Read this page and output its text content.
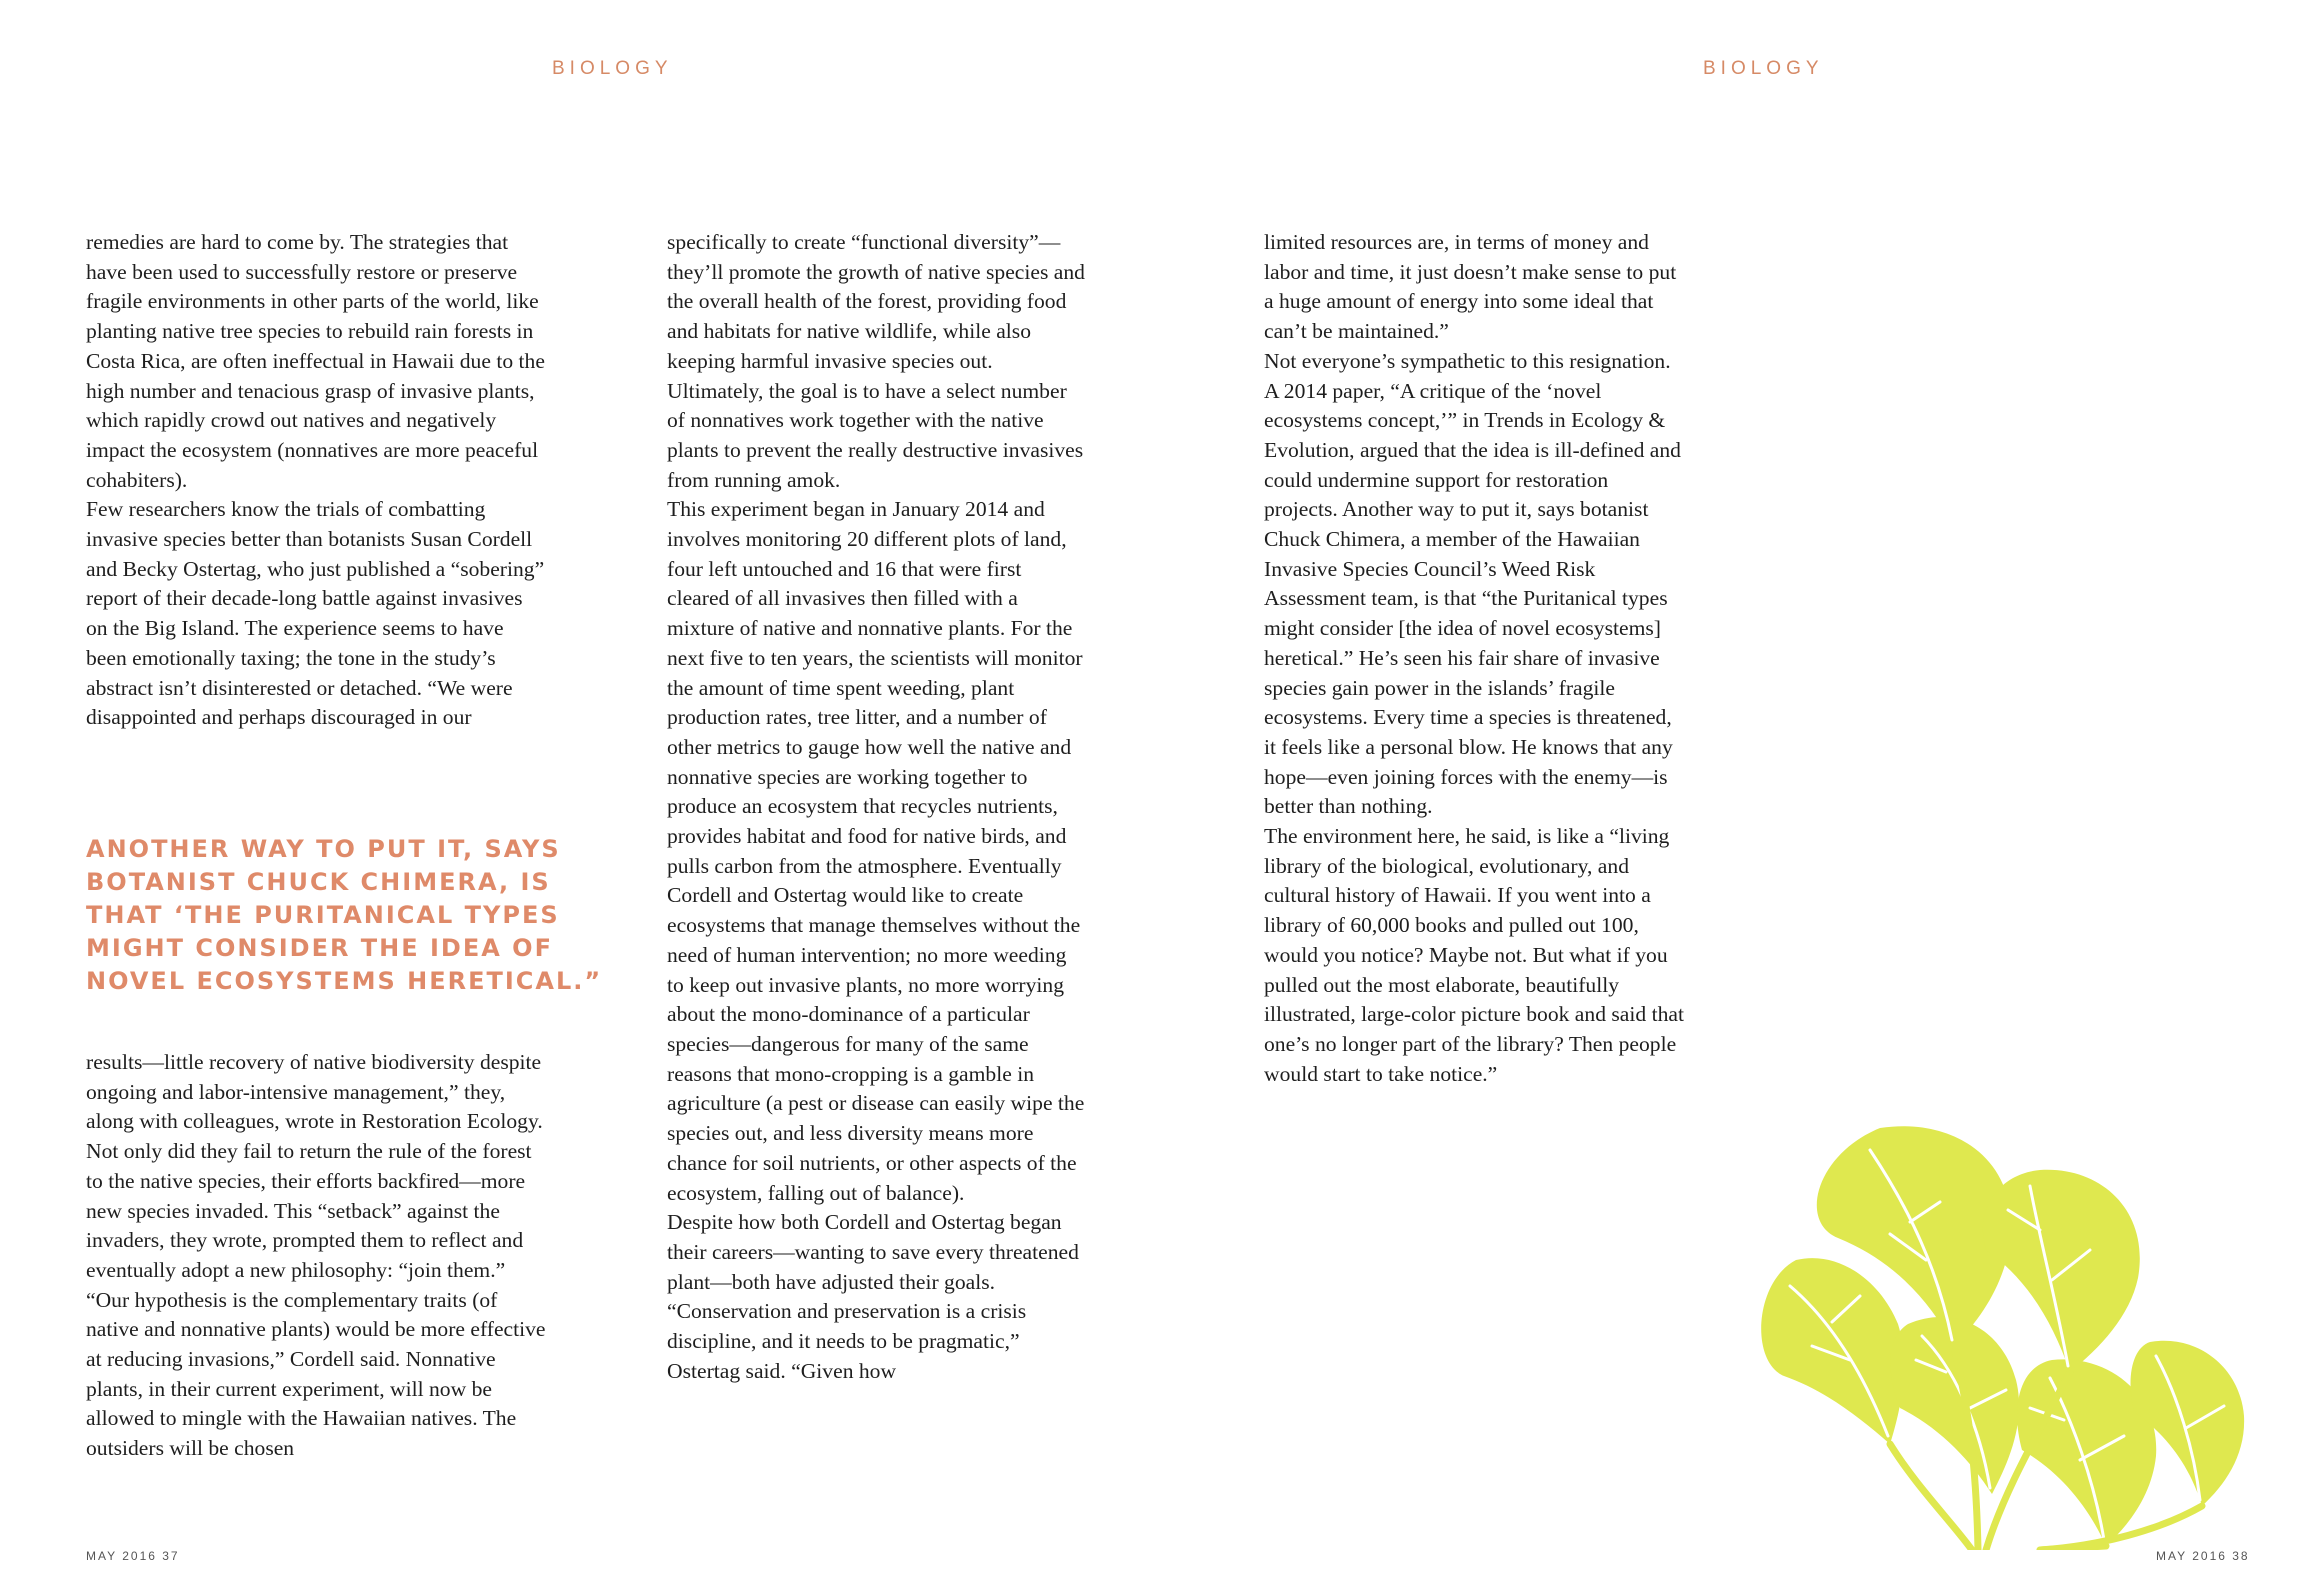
BIOLOGY	BIOLOGY

remedies are hard to come by. The strategies that have been used to successfully restore or preserve fragile environments in other parts of the world, like planting native tree species to rebuild rain forests in Costa Rica, are often ineffectual in Hawaii due to the high number and tenacious grasp of invasive plants, which rapidly crowd out natives and negatively impact the ecosystem (nonnatives are more peaceful cohabiters).

Few researchers know the trials of combatting invasive species better than botanists Susan Cordell and Becky Ostertag, who just published a “sobering” report of their decade-long battle against invasives on the Big Island. The experience seems to have been emotionally taxing; the tone in the study’s abstract isn’t disinterested or detached. “We were disappointed and perhaps discouraged in our

ANOTHER WAY TO PUT IT, SAYS BOTANIST CHUCK CHIMERA, IS THAT ‘THE PURITANICAL TYPES MIGHT CONSIDER THE IDEA OF NOVEL ECOSYSTEMS HERETICAL.”

results—little recovery of native biodiversity despite ongoing and labor-intensive management,” they, along with colleagues, wrote in Restoration Ecology. Not only did they fail to return the rule of the forest to the native species, their efforts backfired—more new species invaded. This “setback” against the invaders, they wrote, prompted them to reflect and eventually adopt a new philosophy: “join them.”

“Our hypothesis is the complementary traits (of native and nonnative plants) would be more effective at reducing invasions,” Cordell said. Nonnative plants, in their current experiment, will now be allowed to mingle with the Hawaiian natives. The outsiders will be chosen

specifically to create “functional diversity”—they’ll promote the growth of native species and the overall health of the forest, providing food and habitats for native wildlife, while also keeping harmful invasive species out. Ultimately, the goal is to have a select number of nonnatives work together with the native plants to prevent the really destructive invasives from running amok.

This experiment began in January 2014 and involves monitoring 20 different plots of land, four left untouched and 16 that were first cleared of all invasives then filled with a mixture of native and nonnative plants. For the next five to ten years, the scientists will monitor the amount of time spent weeding, plant production rates, tree litter, and a number of other metrics to gauge how well the native and nonnative species are working together to produce an ecosystem that recycles nutrients, provides habitat and food for native birds, and pulls carbon from the atmosphere. Eventually Cordell and Ostertag would like to create ecosystems that manage themselves without the need of human intervention; no more weeding to keep out invasive plants, no more worrying about the mono-dominance of a particular species—dangerous for many of the same reasons that mono-cropping is a gamble in agriculture (a pest or disease can easily wipe the species out, and less diversity means more chance for soil nutrients, or other aspects of the ecosystem, falling out of balance).

Despite how both Cordell and Ostertag began their careers—wanting to save every threatened plant—both have adjusted their goals. “Conservation and preservation is a crisis discipline, and it needs to be pragmatic,” Ostertag said. “Given how

limited resources are, in terms of money and labor and time, it just doesn’t make sense to put a huge amount of energy into some ideal that can’t be maintained.”

Not everyone’s sympathetic to this resignation. A 2014 paper, “A critique of the ‘novel ecosystems concept,’” in Trends in Ecology & Evolution, argued that the idea is ill-defined and could undermine support for restoration projects. Another way to put it, says botanist Chuck Chimera, a member of the Hawaiian Invasive Species Council’s Weed Risk Assessment team, is that “the Puritanical types might consider [the idea of novel ecosystems] heretical.” He’s seen his fair share of invasive species gain power in the islands’ fragile ecosystems. Every time a species is threatened, it feels like a personal blow. He knows that any hope—even joining forces with the enemy—is better than nothing.

The environment here, he said, is like a “living library of the biological, evolutionary, and cultural history of Hawaii. If you went into a library of 60,000 books and pulled out 100, would you notice? Maybe not. But what if you pulled out the most elaborate, beautifully illustrated, large-color picture book and said that one’s no longer part of the library? Then people would start to take notice.”

MAY 2016 37	MAY 2016 38
